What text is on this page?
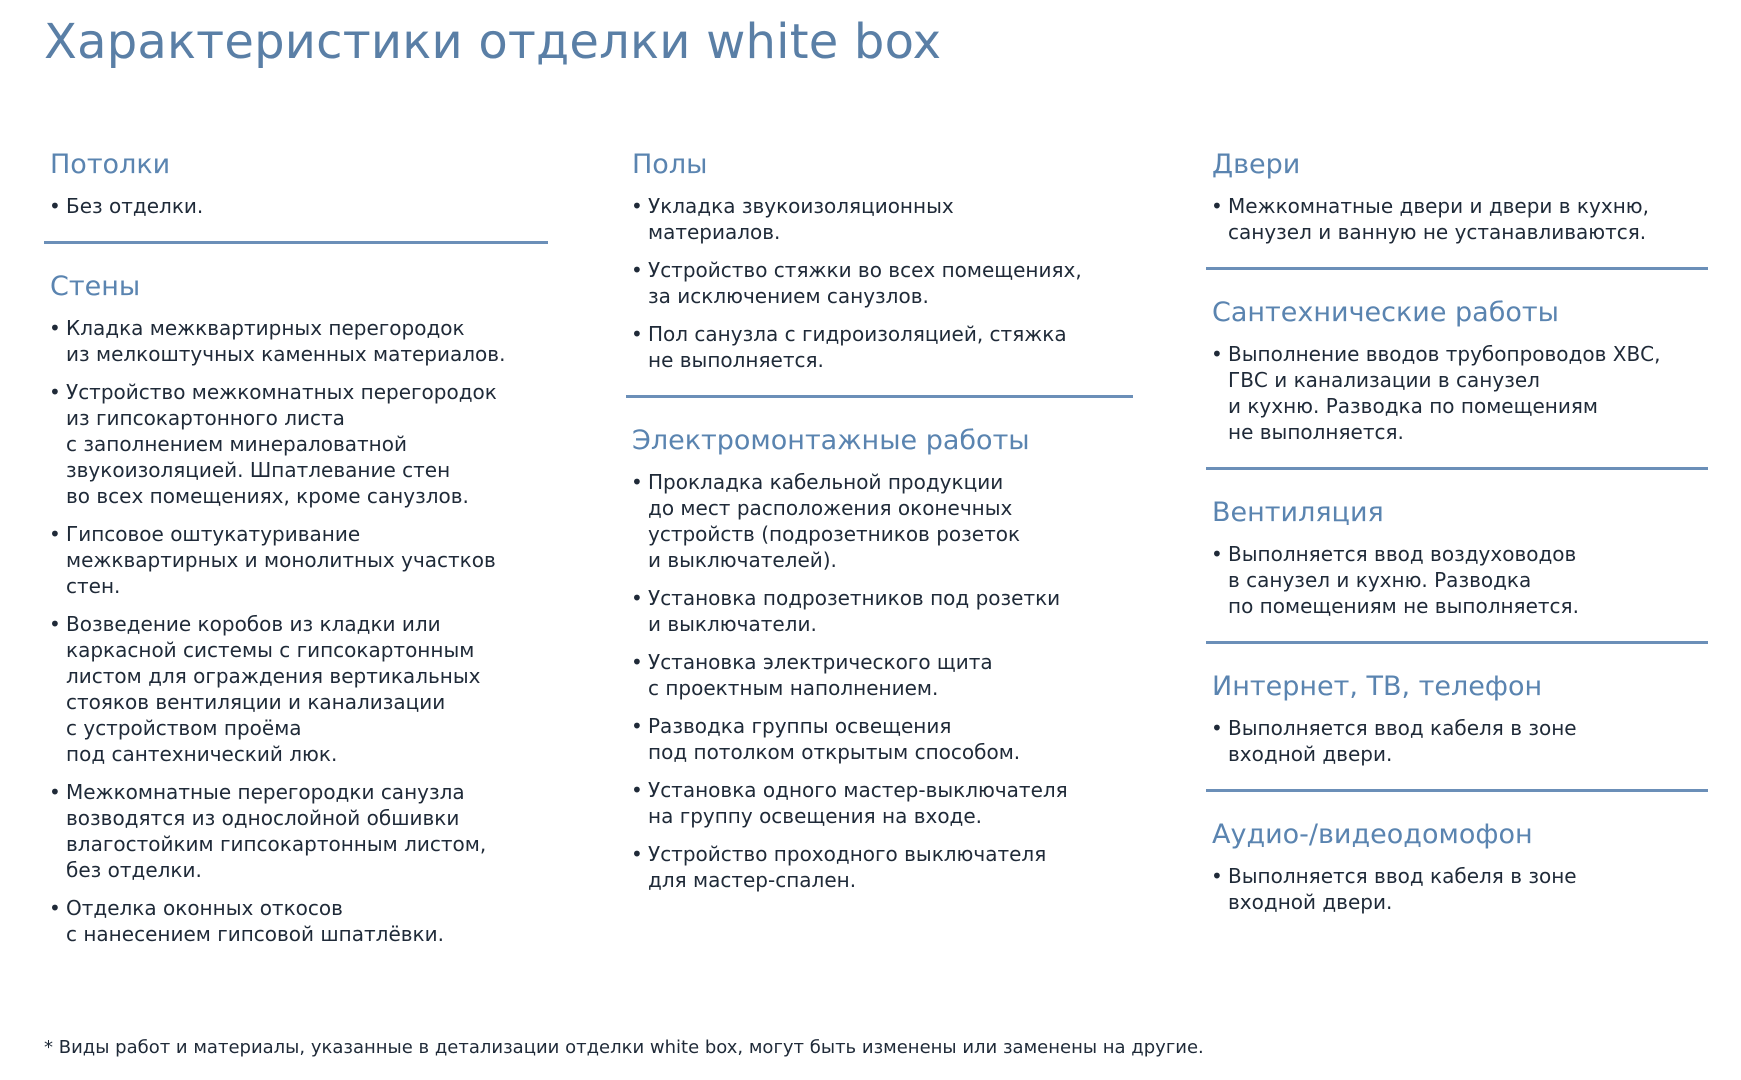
Характеристики отделки white box
Потолки
• Без отделки.
Стены
• Кладка межквартирных перегородок
из мелкоштучных каменных материалов.
• Устройство межкомнатных перегородок
из гипсокартонного листа
с заполнением минераловатной
звукоизоляцией. Шпатлевание стен
во всех помещениях, кроме санузлов.
• Гипсовое оштукатуривание
межквартирных и монолитных участков
стен.
• Возведение коробов из кладки или
каркасной системы с гипсокартонным
листом для ограждения вертикальных
стояков вентиляции и канализации
с устройством проёма
под сантехнический люк.
• Межкомнатные перегородки санузла
возводятся из однослойной обшивки
влагостойким гипсокартонным листом,
без отделки.
• Отделка оконных откосов
с нанесением гипсовой шпатлёвки.
Полы
• Укладка звукоизоляционных
материалов.
• Устройство стяжки во всех помещениях,
за исключением санузлов.
• Пол санузла с гидроизоляцией, стяжка
не выполняется.
Электромонтажные работы
• Прокладка кабельной продукции
до мест расположения оконечных
устройств (подрозетников розеток
и выключателей).
• Установка подрозетников под розетки
и выключатели.
• Установка электрического щита
с проектным наполнением.
• Разводка группы освещения
под потолком открытым способом.
• Установка одного мастер-выключателя
на группу освещения на входе.
• Устройство проходного выключателя
для мастер-спален.
Двери
• Межкомнатные двери и двери в кухню,
санузел и ванную не устанавливаются.
Сантехнические работы
• Выполнение вводов трубопроводов ХВС,
ГВС и канализации в санузел
и кухню. Разводка по помещениям
не выполняется.
Вентиляция
• Выполняется ввод воздуховодов
в санузел и кухню. Разводка
по помещениям не выполняется.
Интернет, ТВ, телефон
• Выполняется ввод кабеля в зоне
входной двери.
Аудио-/видеодомофон
• Выполняется ввод кабеля в зоне
входной двери.
* Виды работ и материалы, указанные в детализации отделки white box, могут быть изменены или заменены на другие.
